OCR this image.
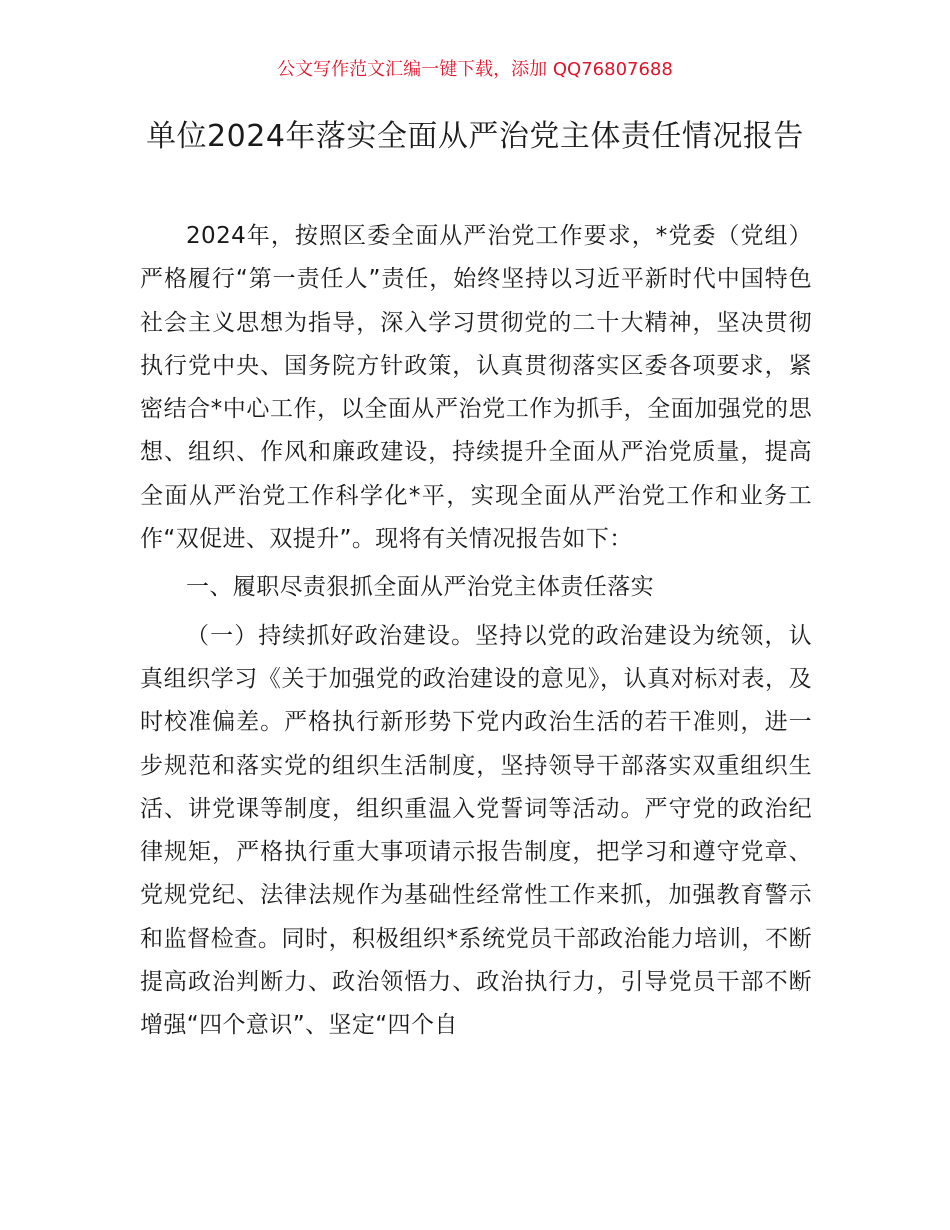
公文写作范文汇编一键下载，添加 QQ76807688
单位2024年落实全面从严治党主体责任情况报告

2024年，按照区委全面从严治党工作要求，*党委（党组）严格履行“第一责任人”责任，始终坚持以习近平新时代中国特色社会主义思想为指导，深入学习贯彻党的二十大精神，坚决贯彻执行党中央、国务院方针政策，认真贯彻落实区委各项要求，紧密结合*中心工作，以全面从严治党工作为抓手，全面加强党的思想、组织、作风和廉政建设，持续提升全面从严治党质量，提高全面从严治党工作科学化*平，实现全面从严治党工作和业务工作“双促进、双提升”。现将有关情况报告如下：

一、履职尽责狠抓全面从严治党主体责任落实

（一）持续抓好政治建设。坚持以党的政治建设为统领，认真组织学习《关于加强党的政治建设的意见》，认真对标对表，及时校准偏差。严格执行新形势下党内政治生活的若干准则，进一步规范和落实党的组织生活制度，坚持领导干部落实双重组织生活、讲党课等制度，组织重温入党誓词等活动。严守党的政治纪律规矩，严格执行重大事项请示报告制度，把学习和遵守党章、党规党纪、法律法规作为基础性经常性工作来抓，加强教育警示和监督检查。同时，积极组织*系统党员干部政治能力培训，不断提高政治判断力、政治领悟力、政治执行力，引导党员干部不断增强“四个意识”、坚定“四个自
